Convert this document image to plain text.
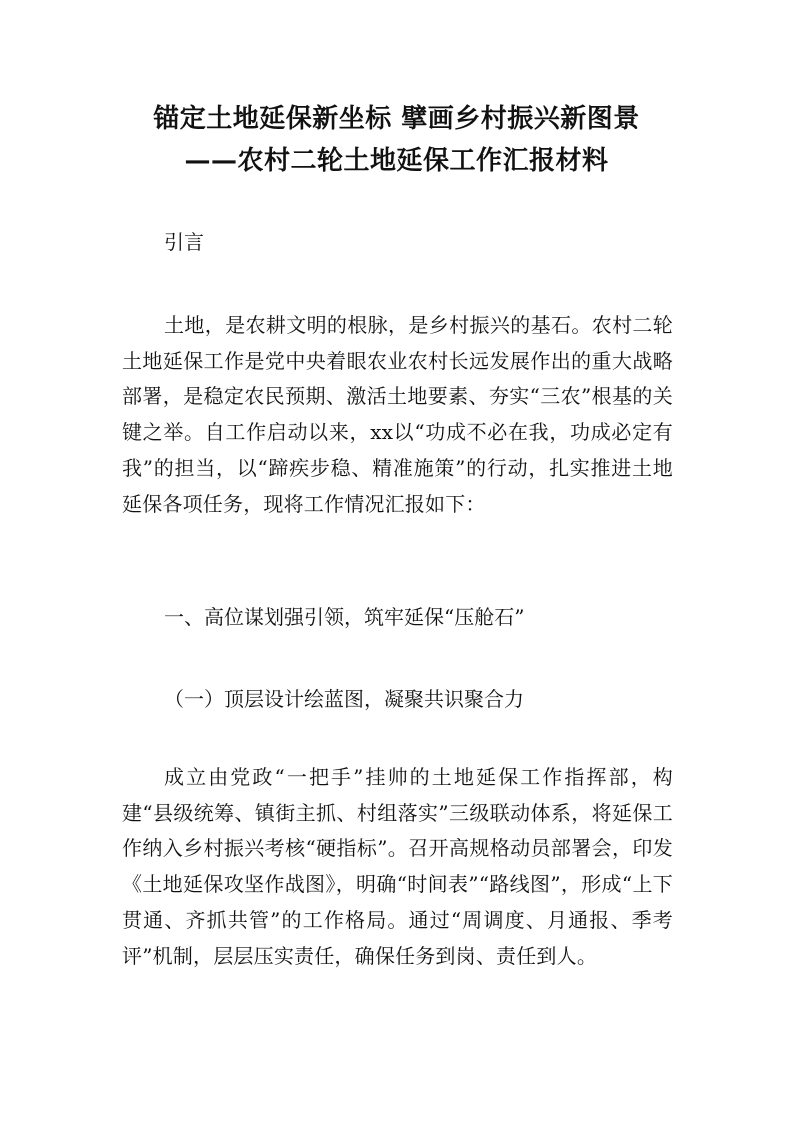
锚定土地延保新坐标 擘画乡村振兴新图景
——农村二轮土地延保工作汇报材料
引言
土地，是农耕文明的根脉，是乡村振兴的基石。农村二轮土地延保工作是党中央着眼农业农村长远发展作出的重大战略部署，是稳定农民预期、激活土地要素、夯实“三农”根基的关键之举。自工作启动以来，xx以“功成不必在我，功成必定有我”的担当，以“蹄疾步稳、精准施策”的行动，扎实推进土地延保各项任务，现将工作情况汇报如下：
一、高位谋划强引领，筑牢延保“压舱石”
（一）顶层设计绘蓝图，凝聚共识聚合力
成立由党政“一把手”挂帅的土地延保工作指挥部，构建“县级统筹、镇街主抓、村组落实”三级联动体系，将延保工作纳入乡村振兴考核“硬指标”。召开高规格动员部署会，印发《土地延保攻坚作战图》，明确“时间表”“路线图”，形成“上下贯通、齐抓共管”的工作格局。通过“周调度、月通报、季考评”机制，层层压实责任，确保任务到岗、责任到人。
